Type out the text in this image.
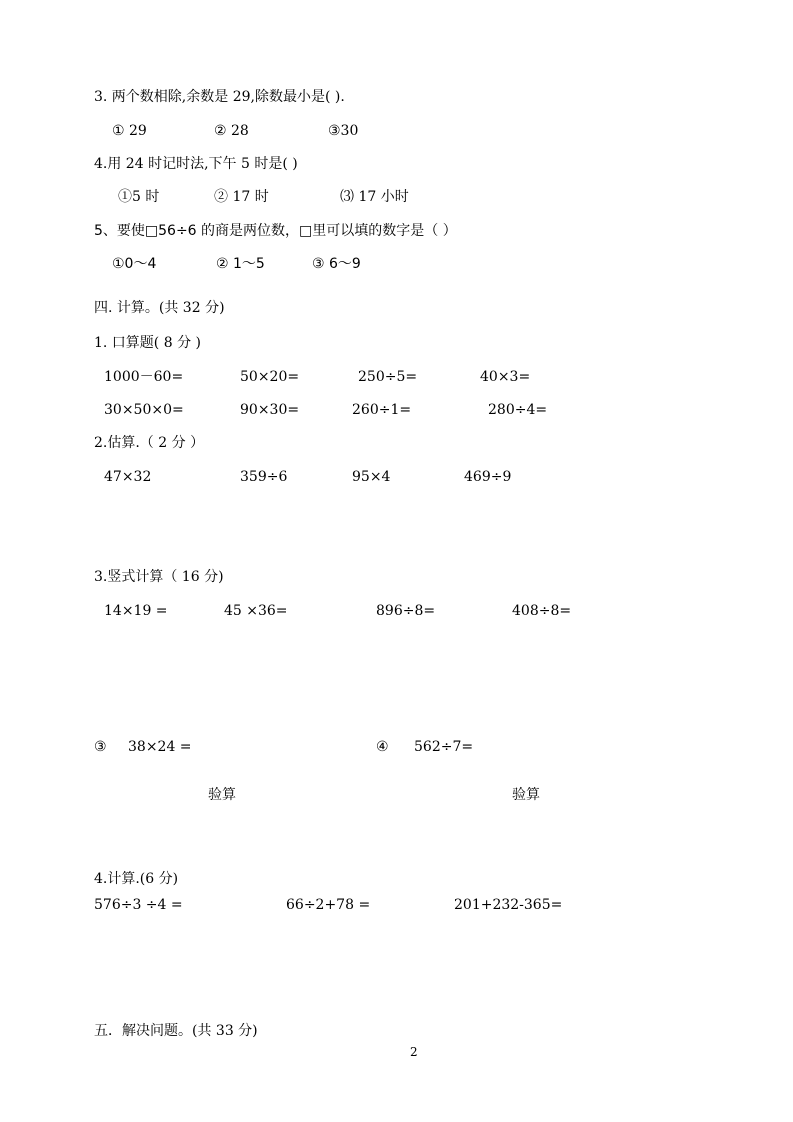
3. 两个数相除,余数是 29,除数最小是( ).
① 29	② 28	③30
4.用 24 时记时法,下午 5 时是( )
①5 时	② 17 时	⑶ 17 小时
5、要使□56÷6 的商是两位数，□里可以填的数字是（ ）
①0～4	② 1～5	③ 6～9
四. 计算。(共 32 分)
1. 口算题( 8 分 )
1000－60=	50×20=	250÷5=	40×3=
30×50×0=	90×30=	260÷1=	280÷4=
2.估算.（ 2 分 ）
47×32	359÷6	95×4	469÷9
3.竖式计算（ 16 分)
14×19 =	45 ×36=	896÷8=	408÷8=
③ 38×24 =	④ 562÷7=
验算	验算
4.计算.(6 分)
576÷3 ÷4 =	66÷2+78 =	201+232-365=
五．解决问题。(共 33 分)
2
